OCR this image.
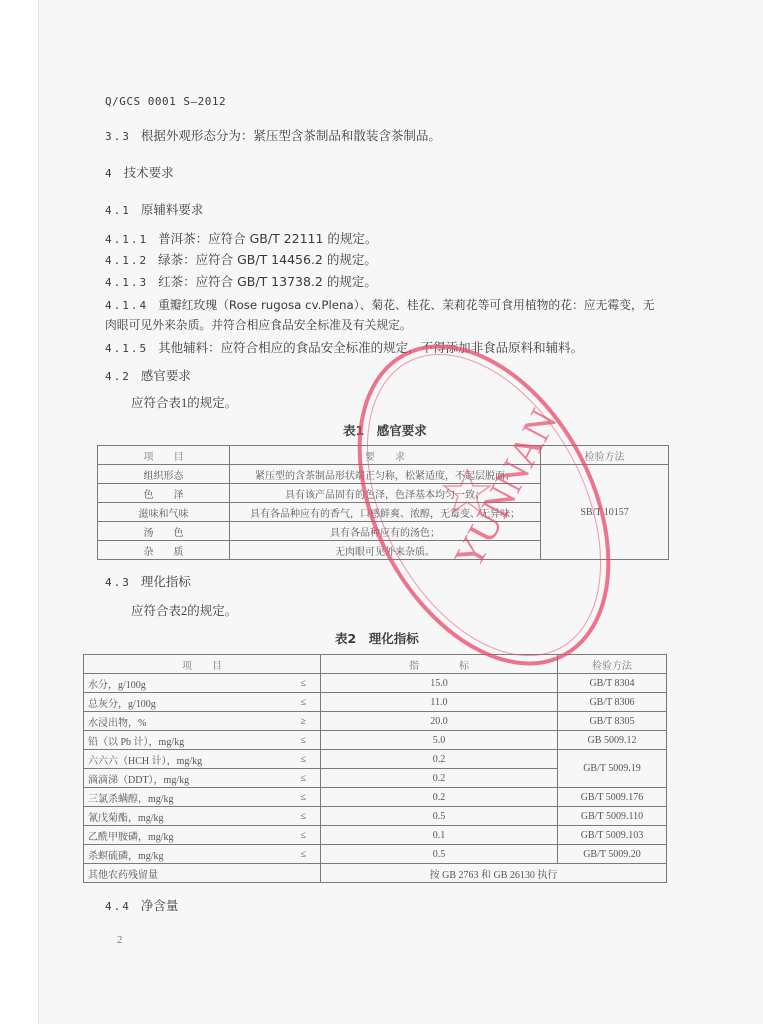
Q/GCS 0001 S—2012
3.3 根据外观形态分为：紧压型含茶制品和散装含茶制品。
4 技术要求
4.1 原辅料要求
4.1.1 普洱茶：应符合 GB/T 22111 的规定。
4.1.2 绿茶：应符合 GB/T 14456.2 的规定。
4.1.3 红茶：应符合 GB/T 13738.2 的规定。
4.1.4 重瓣红玫瑰（Rose rugosa cv.Plena）、菊花、桂花、茉莉花等可食用植物的花：应无霉变，无
肉眼可见外来杂质。并符合相应食品安全标准及有关规定。
4.1.5 其他辅料：应符合相应的食品安全标准的规定，不得添加非食品原料和辅料。
4.2 感官要求
应符合表1的规定。
表1　感官要求
项　　目	要　　求	检验方法
组织形态	紧压型的含茶制品形状端正匀称，松紧适度，不起层脱面；	SB/T 10157
色　　泽	具有该产品固有的色泽，色泽基本均匀一致；	
滋味和气味	具有各品种应有的香气，口感鲜爽、浓醇，无霉变、无异味；	
汤　　色	具有各品种应有的汤色；	
杂　　质	无肉眼可见外来杂质。	
4.3 理化指标
应符合表2的规定。
表2　理化指标
项　　目		指　　　　标	检验方法
水分，g/100g	≤	15.0	GB/T 8304
总灰分，g/100g	≤	11.0	GB/T 8306
水浸出物，%	≥	20.0	GB/T 8305
铅（以 Pb 计），mg/kg	≤	5.0	GB 5009.12
六六六（HCH 计），mg/kg	≤	0.2	GB/T 5009.19
滴滴涕（DDT），mg/kg	≤	0.2	
三氯杀螨醇，mg/kg	≤	0.2	GB/T 5009.176
氰戊菊酯，mg/kg	≤	0.5	GB/T 5009.110
乙酰甲胺磷，mg/kg	≤	0.1	GB/T 5009.103
杀螟硫磷，mg/kg	≤	0.5	GB/T 5009.20
其他农药残留量		按 GB 2763 和 GB 26130 执行	
4.4 净含量
2
YUNNAN
